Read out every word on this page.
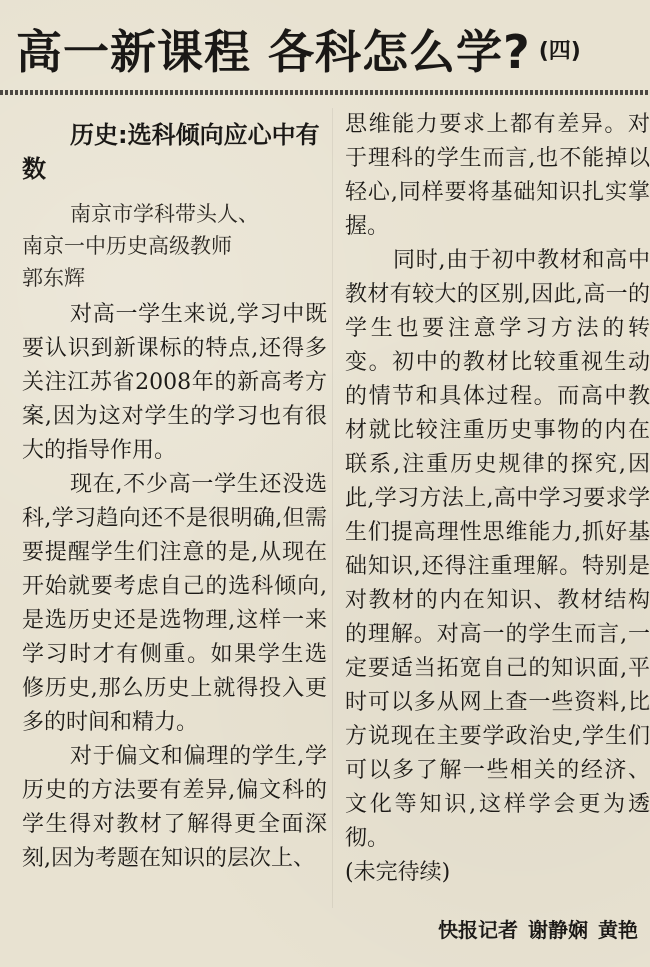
高一新课程 各科怎么学? (四)
历史:选科倾向应心中有数
南京市学科带头人、
南京一中历史高级教师
郭东辉

对高一学生来说,学习中既要认识到新课标的特点,还得多关注江苏省2008年的新高考方案,因为这对学生的学习也有很大的指导作用。

现在,不少高一学生还没选科,学习趋向还不是很明确,但需要提醒学生们注意的是,从现在开始就要考虑自己的选科倾向,是选历史还是选物理,这样一来学习时才有侧重。如果学生选修历史,那么历史上就得投入更多的时间和精力。

对于偏文和偏理的学生,学历史的方法要有差异,偏文科的学生得对教材了解得更全面深刻,因为考题在知识的层次上、

思维能力要求上都有差异。对于理科的学生而言,也不能掉以轻心,同样要将基础知识扎实掌握。

同时,由于初中教材和高中教材有较大的区别,因此,高一的学生也要注意学习方法的转变。初中的教材比较重视生动的情节和具体过程。而高中教材就比较注重历史事物的内在联系,注重历史规律的探究,因此,学习方法上,高中学习要求学生们提高理性思维能力,抓好基础知识,还得注重理解。特别是对教材的内在知识、教材结构的理解。对高一的学生而言,一定要适当拓宽自己的知识面,平时可以多从网上查一些资料,比方说现在主要学政治史,学生们可以多了解一些相关的经济、文化等知识,这样学会更为透彻。

(未完待续)

快报记者 谢静娴 黄艳
